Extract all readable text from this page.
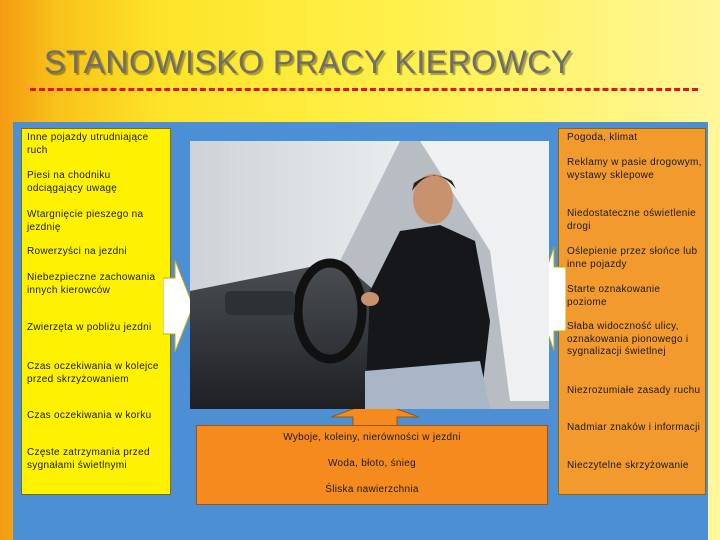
STANOWISKO PRACY KIEROWCY

Inne pojazdy utrudniające ruch

Piesi na chodniku odciągający uwagę

Wtargnięcie pieszego na jezdnię

Rowerzyści na jezdni

Niebezpieczne zachowania innych kierowców

Zwierzęta w pobliżu jezdni

Czas oczekiwania w kolejce przed skrzyżowaniem

Czas oczekiwania w korku

Częste zatrzymania przed sygnałami świetlnymi

Pogoda, klimat

Reklamy w pasie drogowym, wystawy sklepowe

Niedostateczne oświetlenie drogi

Oślepienie przez słońce lub inne pojazdy

Starte oznakowanie poziome

Słaba widoczność ulicy, oznakowania pionowego i sygnalizacji świetlnej

Niezrozumiałe zasady ruchu

Nadmiar znaków i informacji

Nieczytelne skrzyżowanie

Wyboje, koleiny, nierówności w jezdni

Woda, błoto, śnieg

Śliska nawierzchnia
